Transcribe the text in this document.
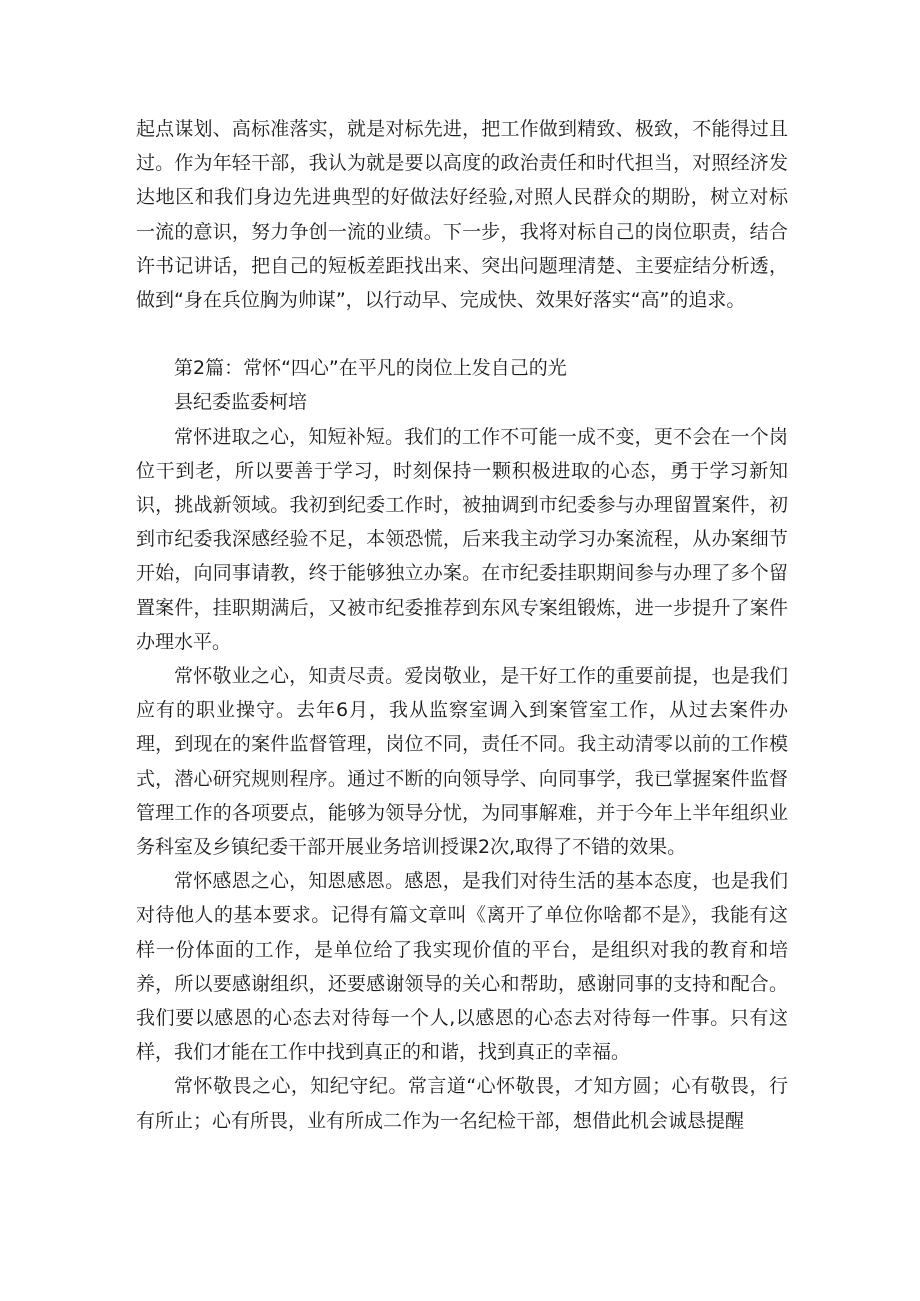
起点谋划、高标准落实，就是对标先进，把工作做到精致、极致，不能得过且过。作为年轻干部，我认为就是要以高度的政治责任和时代担当，对照经济发达地区和我们身边先进典型的好做法好经验,对照人民群众的期盼，树立对标一流的意识，努力争创一流的业绩。下一步，我将对标自己的岗位职责，结合许书记讲话，把自己的短板差距找出来、突出问题理清楚、主要症结分析透，做到“身在兵位胸为帅谋”，以行动早、完成快、效果好落实“高”的追求。

第2篇：常怀“四心”在平凡的岗位上发自己的光

县纪委监委柯培

常怀进取之心，知短补短。我们的工作不可能一成不变，更不会在一个岗位干到老，所以要善于学习，时刻保持一颗积极进取的心态，勇于学习新知识，挑战新领域。我初到纪委工作时，被抽调到市纪委参与办理留置案件，初到市纪委我深感经验不足，本领恐慌，后来我主动学习办案流程，从办案细节开始，向同事请教，终于能够独立办案。在市纪委挂职期间参与办理了多个留置案件，挂职期满后，又被市纪委推荐到东风专案组锻炼，进一步提升了案件办理水平。

常怀敬业之心，知责尽责。爱岗敬业，是干好工作的重要前提，也是我们应有的职业操守。去年6月，我从监察室调入到案管室工作，从过去案件办理，到现在的案件监督管理，岗位不同，责任不同。我主动清零以前的工作模式，潜心研究规则程序。通过不断的向领导学、向同事学，我已掌握案件监督管理工作的各项要点，能够为领导分忧，为同事解难，并于今年上半年组织业务科室及乡镇纪委干部开展业务培训授课2次,取得了不错的效果。

常怀感恩之心，知恩感恩。感恩，是我们对待生活的基本态度，也是我们对待他人的基本要求。记得有篇文章叫《离开了单位你啥都不是》，我能有这样一份体面的工作，是单位给了我实现价值的平台，是组织对我的教育和培养，所以要感谢组织，还要感谢领导的关心和帮助，感谢同事的支持和配合。我们要以感恩的心态去对待每一个人,以感恩的心态去对待每一件事。只有这样，我们才能在工作中找到真正的和谐，找到真正的幸福。

常怀敬畏之心，知纪守纪。常言道“心怀敬畏，才知方圆；心有敬畏，行有所止；心有所畏，业有所成二作为一名纪检干部，想借此机会诚恳提醒
